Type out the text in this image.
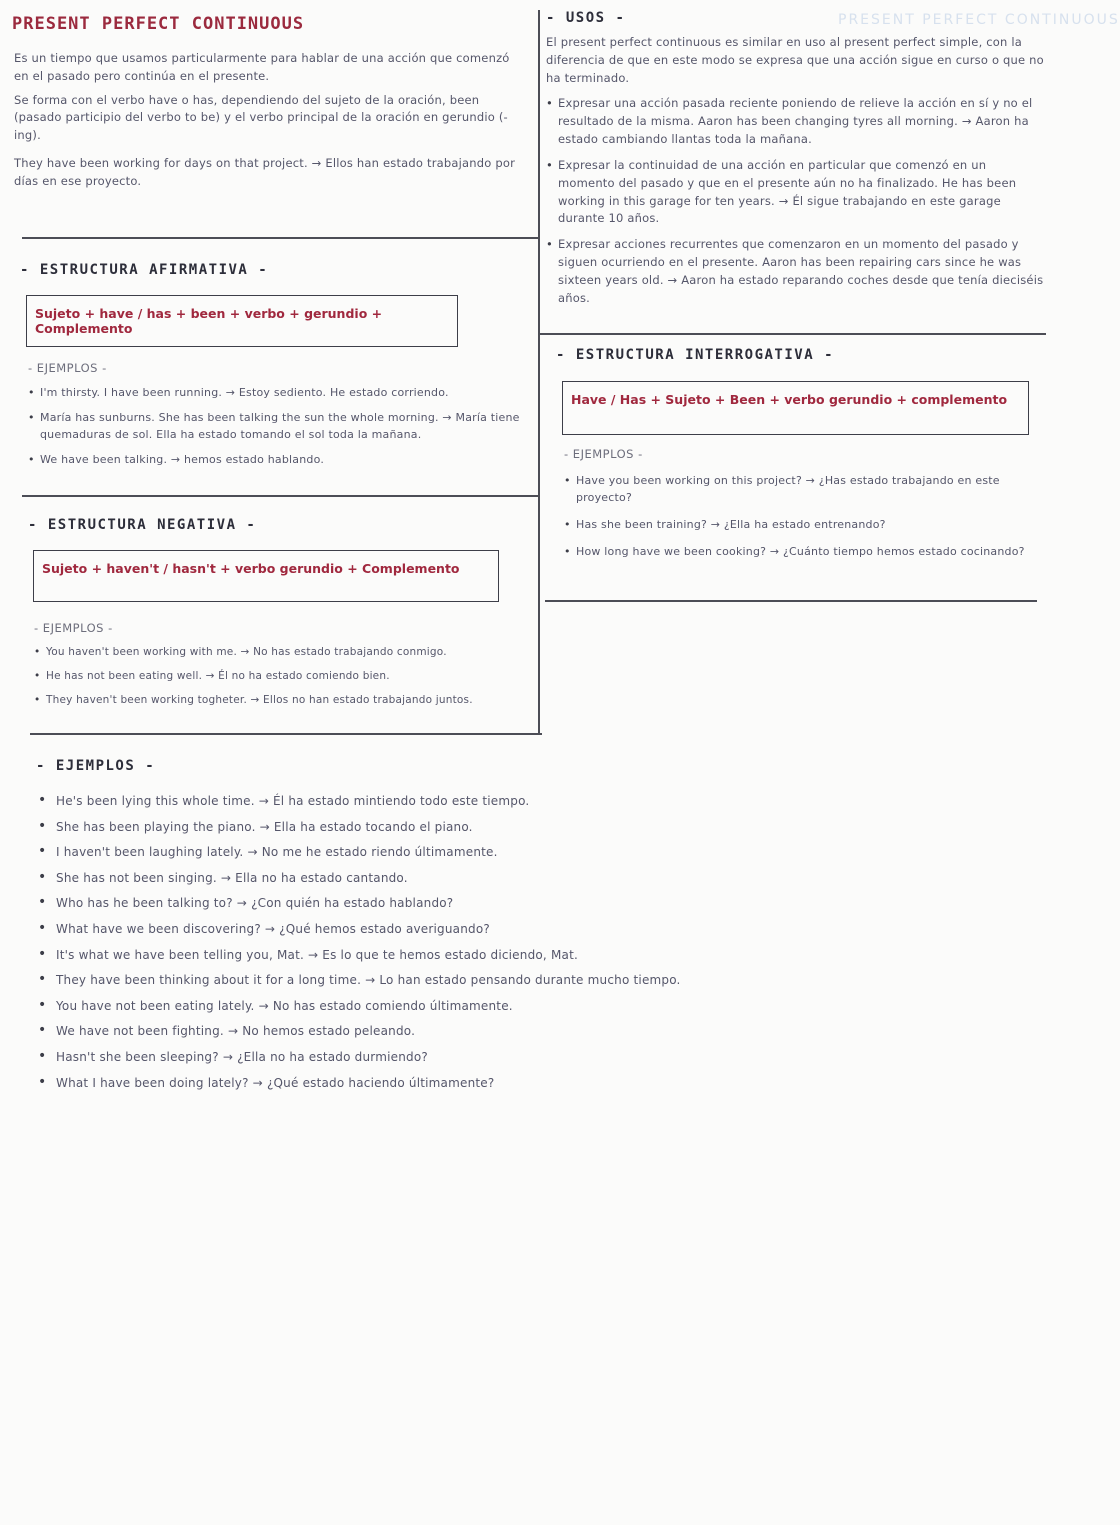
PRESENT PERFECT CONTINUOUS	PRESENT PERFECT CONTINUOUS
Es un tiempo que usamos particularmente para hablar de una acción que comenzó en el pasado pero continúa en el presente.
Se forma con el verbo have o has, dependiendo del sujeto de la oración, been (pasado participio del verbo to be) y el verbo principal de la oración en gerundio (-ing).
They have been working for days on that project. → Ellos han estado trabajando por días en ese proyecto.
- USOS -
El present perfect continuous es similar en uso al present perfect simple, con la diferencia de que en este modo se expresa que una acción sigue en curso o que no ha terminado.
• Expresar una acción pasada reciente poniendo de relieve la acción en sí y no el resultado de la misma. Aaron has been changing tyres all morning. → Aaron ha estado cambiando llantas toda la mañana.
• Expresar la continuidad de una acción en particular que comenzó en un momento del pasado y que en el presente aún no ha finalizado. He has been working in this garage for ten years. → Él sigue trabajando en este garage durante 10 años.
• Expresar acciones recurrentes que comenzaron en un momento del pasado y siguen ocurriendo en el presente. Aaron has been repairing cars since he was sixteen years old. → Aaron ha estado reparando coches desde que tenía dieciséis años.
- ESTRUCTURA AFIRMATIVA -
Sujeto + have / has + been + verbo + gerundio + Complemento
- EJEMPLOS -
• I'm thirsty. I have been running. → Estoy sediento. He estado corriendo.
• María has sunburns. She has been talking the sun the whole morning. → María tiene quemaduras de sol. Ella ha estado tomando el sol toda la mañana.
• We have been talking. → hemos estado hablando.
- ESTRUCTURA NEGATIVA -
Sujeto + haven't / hasn't + verbo gerundio + Complemento
- EJEMPLOS -
• You haven't been working with me. → No has estado trabajando conmigo.
• He has not been eating well. → Él no ha estado comiendo bien.
• They haven't been working togheter. → Ellos no han estado trabajando juntos.
- ESTRUCTURA INTERROGATIVA -
Have / Has + Sujeto + Been + verbo gerundio + complemento
- EJEMPLOS -
• Have you been working on this project? → ¿Has estado trabajando en este proyecto?
• Has she been training? → ¿Ella ha estado entrenando?
• How long have we been cooking? → ¿Cuánto tiempo hemos estado cocinando?
- EJEMPLOS -
• He's been lying this whole time. → Él ha estado mintiendo todo este tiempo.
• She has been playing the piano. → Ella ha estado tocando el piano.
• I haven't been laughing lately. → No me he estado riendo últimamente.
• She has not been singing. → Ella no ha estado cantando.
• Who has he been talking to? → ¿Con quién ha estado hablando?
• What have we been discovering? → ¿Qué hemos estado averiguando?
• It's what we have been telling you, Mat. → Es lo que te hemos estado diciendo, Mat.
• They have been thinking about it for a long time. → Lo han estado pensando durante mucho tiempo.
• You have not been eating lately. → No has estado comiendo últimamente.
• We have not been fighting. → No hemos estado peleando.
• Hasn't she been sleeping? → ¿Ella no ha estado durmiendo?
• What I have been doing lately? → ¿Qué estado haciendo últimamente?
